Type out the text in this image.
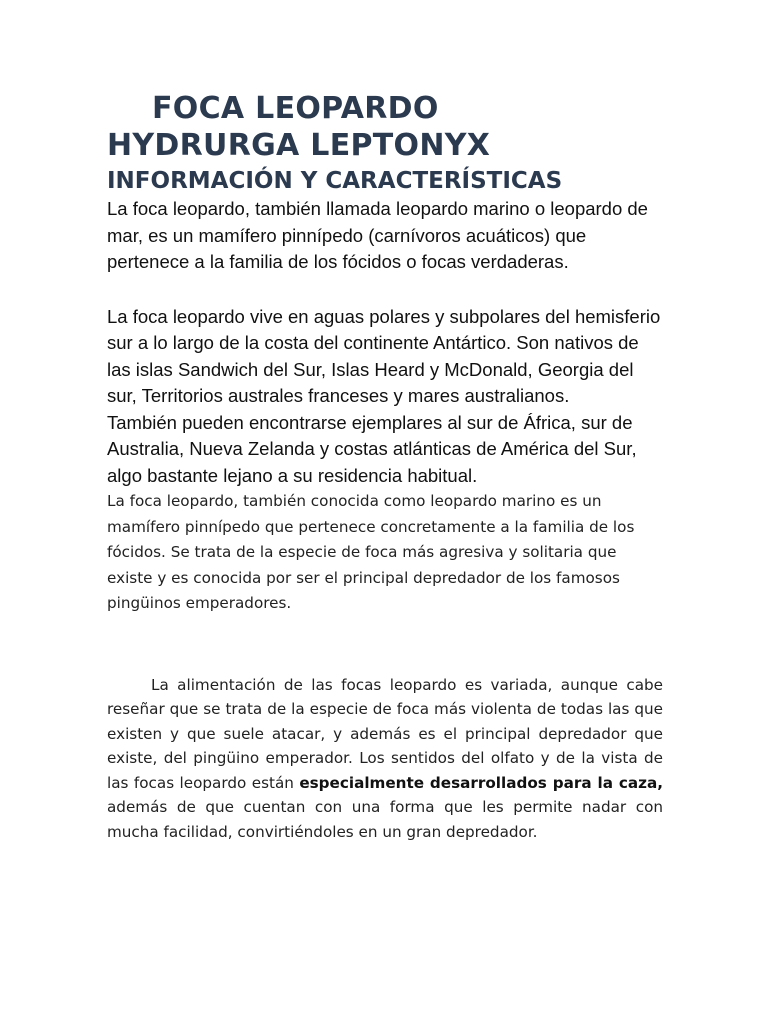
FOCA LEOPARDO
HYDRURGA LEPTONYX
INFORMACIÓN Y CARACTERÍSTICAS

La foca leopardo, también llamada leopardo marino o leopardo de mar, es un mamífero pinnípedo (carnívoros acuáticos) que pertenece a la familia de los fócidos o focas verdaderas.

La foca leopardo vive en aguas polares y subpolares del hemisferio sur a lo largo de la costa del continente Antártico. Son nativos de las islas Sandwich del Sur, Islas Heard y McDonald, Georgia del sur, Territorios australes franceses y mares australianos.

También pueden encontrarse ejemplares al sur de África, sur de Australia, Nueva Zelanda y costas atlánticas de América del Sur, algo bastante lejano a su residencia habitual.

La foca leopardo, también conocida como leopardo marino es un mamífero pinnípedo que pertenece concretamente a la familia de los fócidos. Se trata de la especie de foca más agresiva y solitaria que existe y es conocida por ser el principal depredador de los famosos pingüinos emperadores.

La alimentación de las focas leopardo es variada, aunque cabe reseñar que se trata de la especie de foca más violenta de todas las que existen y que suele atacar, y además es el principal depredador que existe, del pingüino emperador. Los sentidos del olfato y de la vista de las focas leopardo están especialmente desarrollados para la caza, además de que cuentan con una forma que les permite nadar con mucha facilidad, convirtiéndoles en un gran depredador.
